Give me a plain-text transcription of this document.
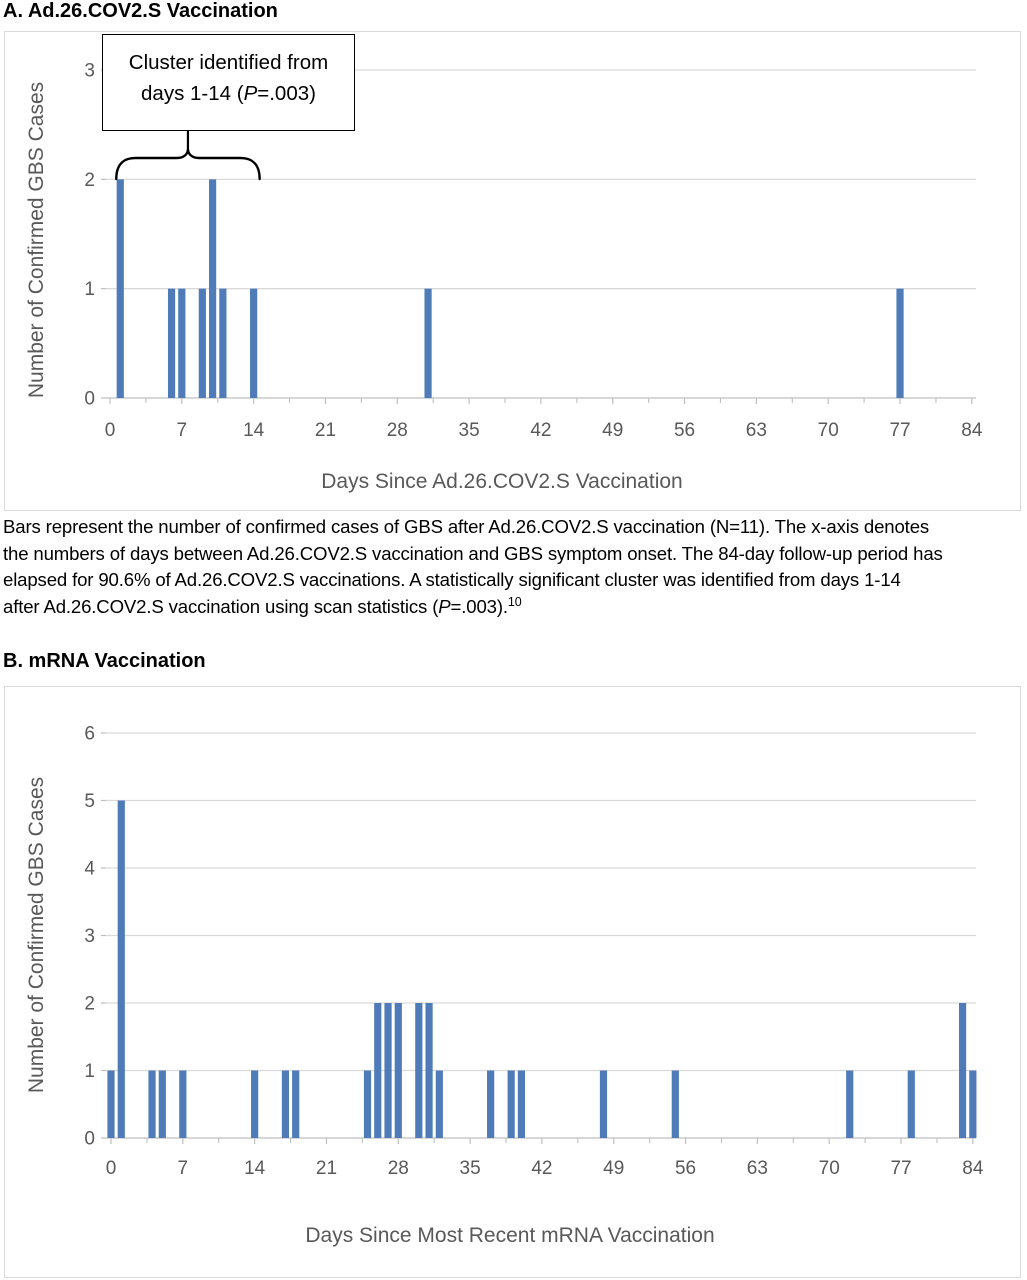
A. Ad.26.COV2.S Vaccination
0
1
2
3
0	7	14	21	28	35	42	49	56	63	70	77	84
Days Since Ad.26.COV2.S Vaccination
Number of Confirmed GBS Cases
Cluster identified from
days 1-14 (P=.003)

Bars represent the number of confirmed cases of GBS after Ad.26.COV2.S vaccination (N=11). The x-axis denotes
the numbers of days between Ad.26.COV2.S vaccination and GBS symptom onset. The 84-day follow-up period has
elapsed for 90.6% of Ad.26.COV2.S vaccinations. A statistically significant cluster was identified from days 1-14
after Ad.26.COV2.S vaccination using scan statistics (P=.003).$^{10}$

B. mRNA Vaccination
0
1
2
3
4
5
6
0	7	14	21	28	35	42	49	56	63	70	77	84
Days Since Most Recent mRNA Vaccination
Number of Confirmed GBS Cases
